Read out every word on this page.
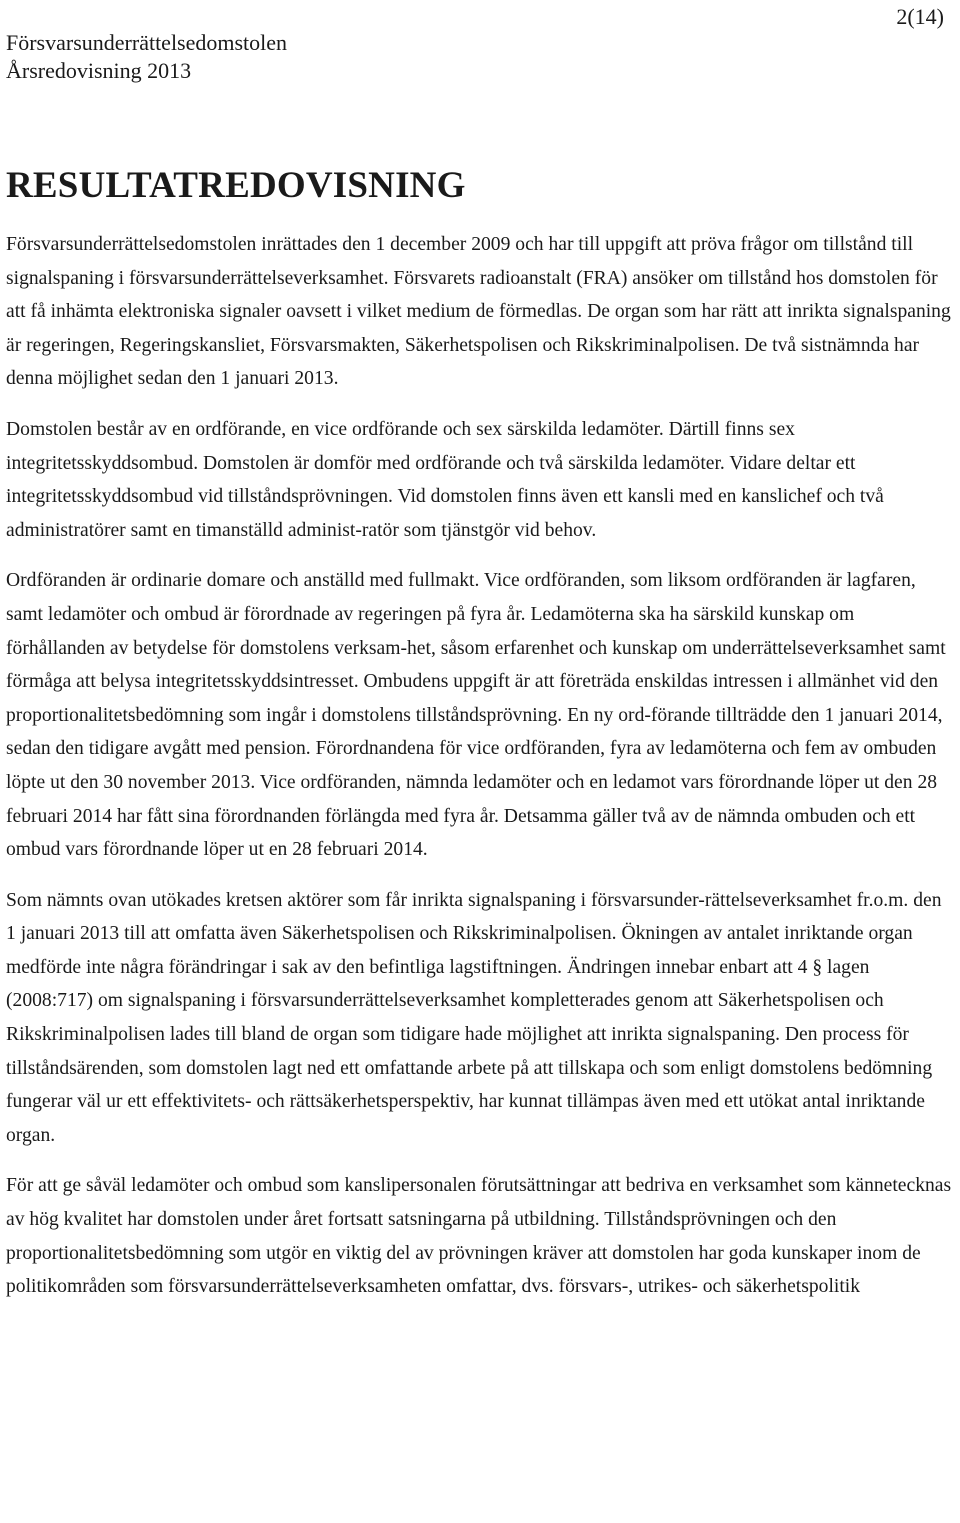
Försvarsunderrättelsedomstolen
Årsredovisning 2013
2(14)
RESULTATREDOVISNING

Försvarsunderrättelsedomstolen inrättades den 1 december 2009 och har till uppgift att pröva frågor om tillstånd till signalspaning i försvarsunderrättelseverksamhet. Försvarets radioanstalt (FRA) ansöker om tillstånd hos domstolen för att få inhämta elektroniska signaler oavsett i vilket medium de förmedlas. De organ som har rätt att inrikta signalspaning är regeringen, Regeringskansliet, Försvarsmakten, Säkerhetspolisen och Rikskriminalpolisen. De två sistnämnda har denna möjlighet sedan den 1 januari 2013.

Domstolen består av en ordförande, en vice ordförande och sex särskilda ledamöter. Därtill finns sex integritetsskyddsombud. Domstolen är domför med ordförande och två särskilda ledamöter. Vidare deltar ett integritetsskyddsombud vid tillståndsprövningen. Vid domstolen finns även ett kansli med en kanslichef och två administratörer samt en timanställd administ-ratör som tjänstgör vid behov.

Ordföranden är ordinarie domare och anställd med fullmakt. Vice ordföranden, som liksom ordföranden är lagfaren, samt ledamöter och ombud är förordnade av regeringen på fyra år. Ledamöterna ska ha särskild kunskap om förhållanden av betydelse för domstolens verksam-het, såsom erfarenhet och kunskap om underrättelseverksamhet samt förmåga att belysa integritetsskyddsintresset. Ombudens uppgift är att företräda enskildas intressen i allmänhet vid den proportionalitetsbedömning som ingår i domstolens tillståndsprövning. En ny ord-förande tillträdde den 1 januari 2014, sedan den tidigare avgått med pension. Förordnandena för vice ordföranden, fyra av ledamöterna och fem av ombuden löpte ut den 30 november 2013. Vice ordföranden, nämnda ledamöter och en ledamot vars förordnande löper ut den 28 februari 2014 har fått sina förordnanden förlängda med fyra år. Detsamma gäller två av de nämnda ombuden och ett ombud vars förordnande löper ut en 28 februari 2014.

Som nämnts ovan utökades kretsen aktörer som får inrikta signalspaning i försvarsunder-rättelseverksamhet fr.o.m. den 1 januari 2013 till att omfatta även Säkerhetspolisen och Rikskriminalpolisen. Ökningen av antalet inriktande organ medförde inte några förändringar i sak av den befintliga lagstiftningen. Ändringen innebar enbart att 4 § lagen (2008:717) om signalspaning i försvarsunderrättelseverksamhet kompletterades genom att Säkerhetspolisen och Rikskriminalpolisen lades till bland de organ som tidigare hade möjlighet att inrikta signalspaning. Den process för tillståndsärenden, som domstolen lagt ned ett omfattande arbete på att tillskapa och som enligt domstolens bedömning fungerar väl ur ett effektivitets- och rättsäkerhetsperspektiv, har kunnat tillämpas även med ett utökat antal inriktande organ.

För att ge såväl ledamöter och ombud som kanslipersonalen förutsättningar att bedriva en verksamhet som kännetecknas av hög kvalitet har domstolen under året fortsatt satsningarna på utbildning. Tillståndsprövningen och den proportionalitetsbedömning som utgör en viktig del av prövningen kräver att domstolen har goda kunskaper inom de politikområden som försvarsunderrättelseverksamheten omfattar, dvs. försvars-, utrikes- och säkerhetspolitik
